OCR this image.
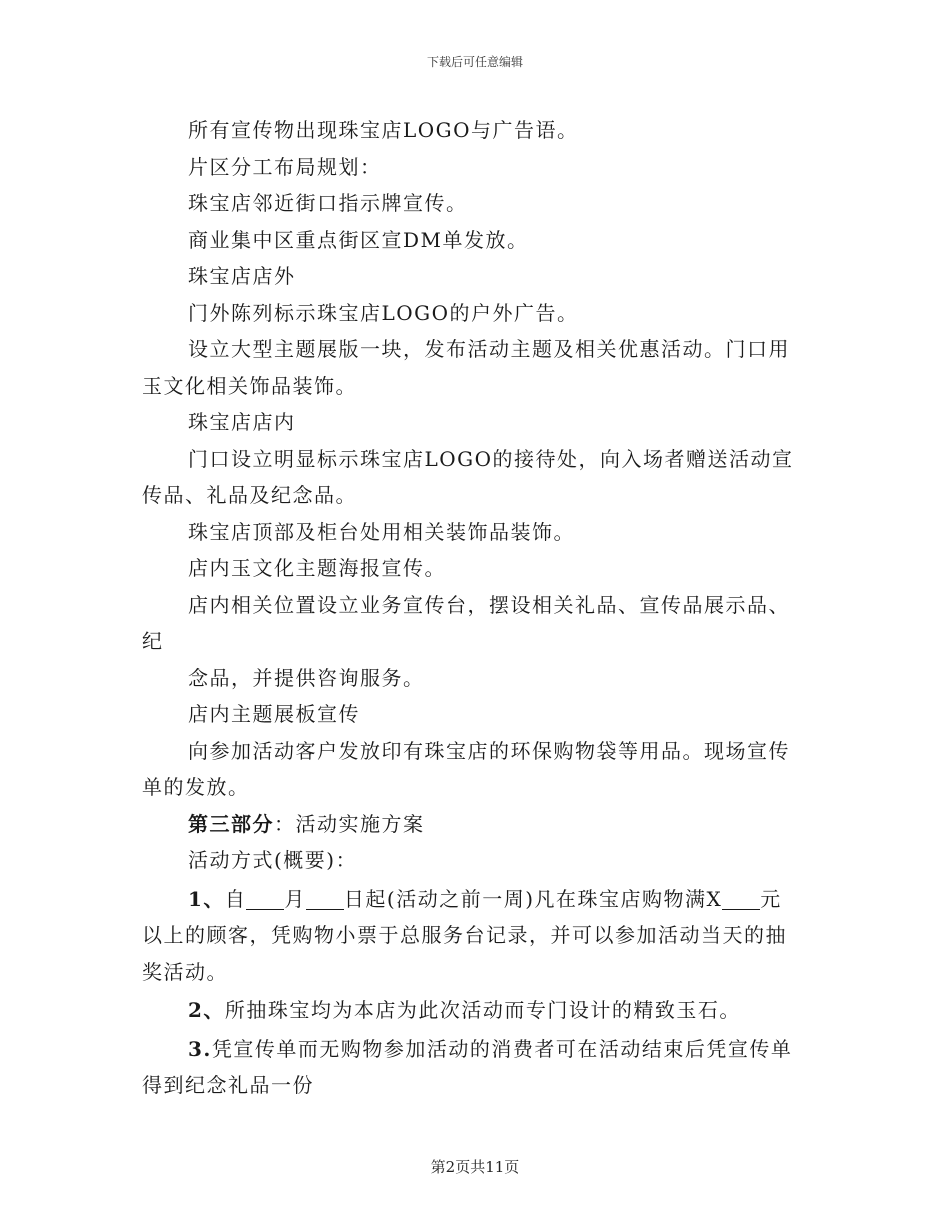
下载后可任意编辑

所有宣传物出现珠宝店LOGO与广告语。

片区分工布局规划：

珠宝店邻近街口指示牌宣传。

商业集中区重点街区宣DM单发放。

珠宝店店外

门外陈列标示珠宝店LOGO的户外广告。

设立大型主题展版一块，发布活动主题及相关优惠活动。门口用玉文化相关饰品装饰。

珠宝店店内

门口设立明显标示珠宝店LOGO的接待处，向入场者赠送活动宣传品、礼品及纪念品。

珠宝店顶部及柜台处用相关装饰品装饰。

店内玉文化主题海报宣传。

店内相关位置设立业务宣传台，摆设相关礼品、宣传品展示品、纪

念品，并提供咨询服务。

店内主题展板宣传

向参加活动客户发放印有珠宝店的环保购物袋等用品。现场宣传单的发放。

第三部分：活动实施方案

活动方式(概要)：

1、自 月 日起(活动之前一周)凡在珠宝店购物满X 元以上的顾客，凭购物小票于总服务台记录，并可以参加活动当天的抽奖活动。

2、所抽珠宝均为本店为此次活动而专门设计的精致玉石。

3.凭宣传单而无购物参加活动的消费者可在活动结束后凭宣传单得到纪念礼品一份

第2页共11页
